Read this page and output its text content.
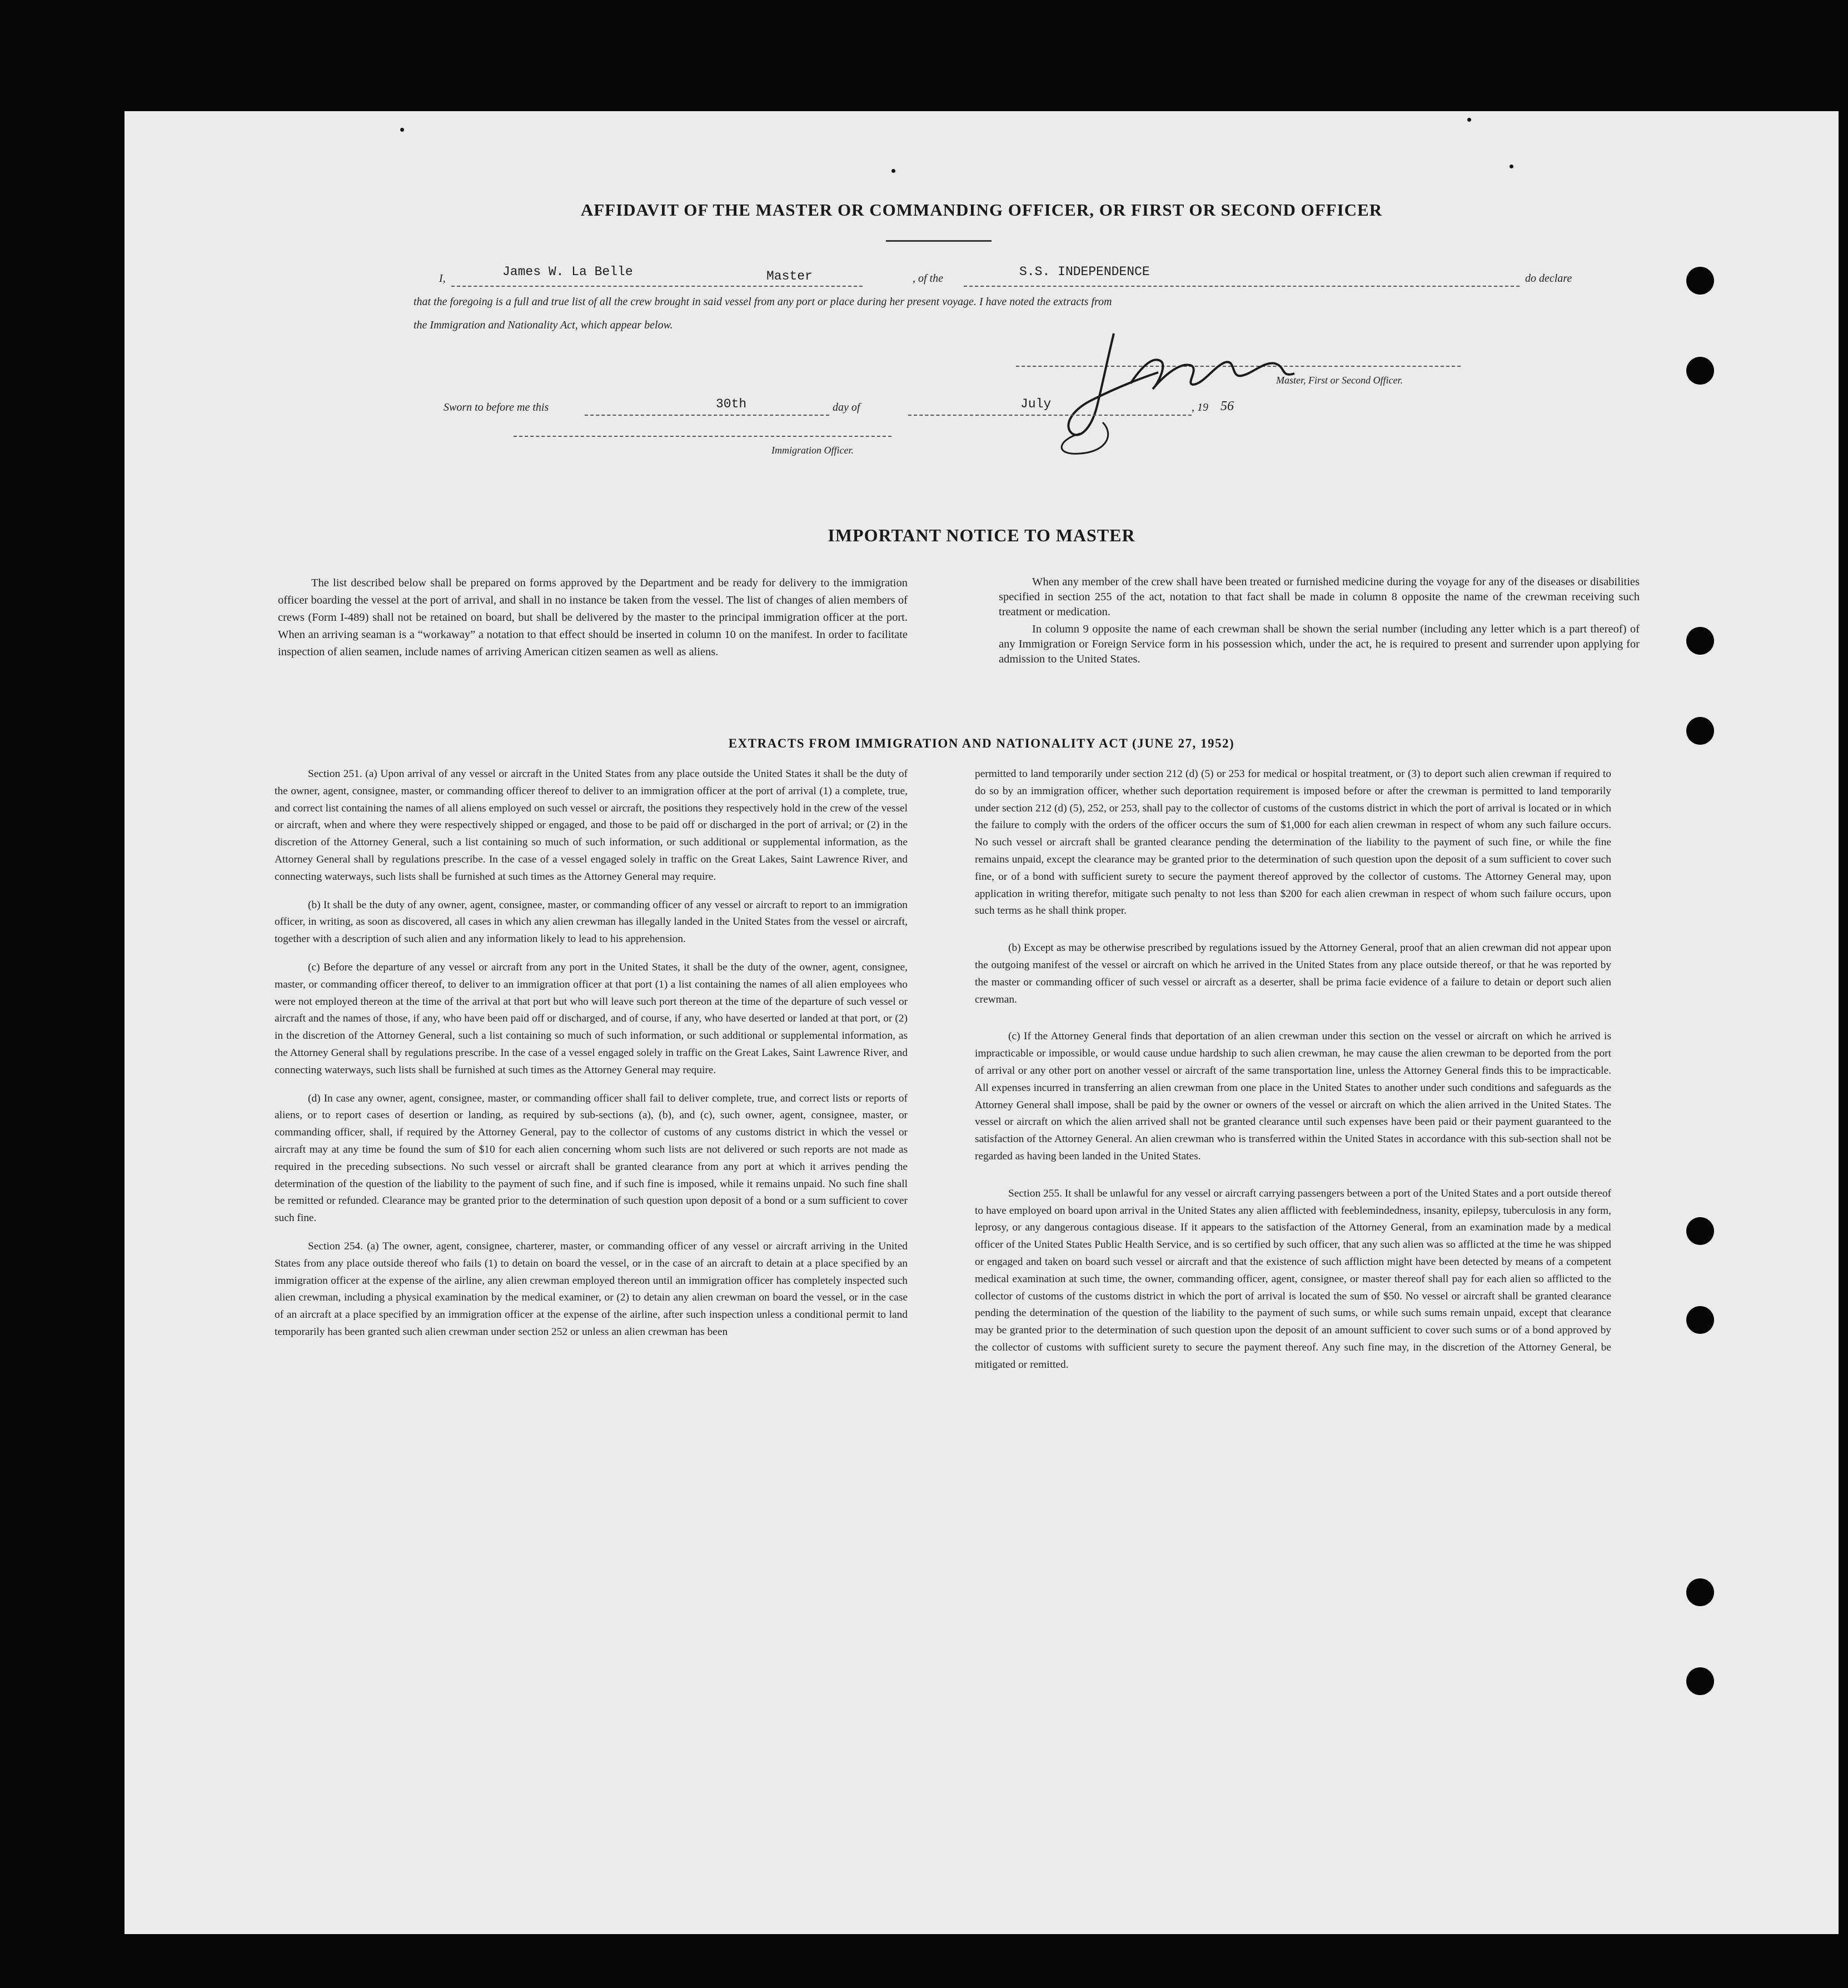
AFFIDAVIT OF THE MASTER OR COMMANDING OFFICER, OR FIRST OR SECOND OFFICER
I,	James W. La Belle	Master	, of the	S.S. INDEPENDENCE	do declare
that the foregoing is a full and true list of all the crew brought in said vessel from any port or place during her present voyage. I have noted the extracts from
the Immigration and Nationality Act, which appear below.
Master, First or Second Officer.
Sworn to before me this	30th	day of	July	, 19 56
Immigration Officer.
IMPORTANT NOTICE TO MASTER

The list described below shall be prepared on forms approved by the Department and be ready for delivery to the immigration officer boarding the vessel at the port of arrival, and shall in no instance be taken from the vessel. The list of changes of alien members of crews (Form I-489) shall not be retained on board, but shall be delivered by the master to the principal immigration officer at the port. When an arriving seaman is a “workaway” a notation to that effect should be inserted in column 10 on the manifest. In order to facilitate inspection of alien seamen, include names of arriving American citizen seamen as well as aliens.

When any member of the crew shall have been treated or furnished medicine during the voyage for any of the diseases or disabilities specified in section 255 of the act, notation to that fact shall be made in column 8 opposite the name of the crewman receiving such treatment or medication.

In column 9 opposite the name of each crewman shall be shown the serial number (including any letter which is a part thereof) of any Immigration or Foreign Service form in his possession which, under the act, he is required to present and surrender upon applying for admission to the United States.

EXTRACTS FROM IMMIGRATION AND NATIONALITY ACT (JUNE 27, 1952)

Section 251. (a) Upon arrival of any vessel or aircraft in the United States from any place outside the United States it shall be the duty of the owner, agent, consignee, master, or commanding officer thereof to deliver to an immigration officer at the port of arrival (1) a complete, true, and correct list containing the names of all aliens employed on such vessel or aircraft, the positions they respectively hold in the crew of the vessel or aircraft, when and where they were respectively shipped or engaged, and those to be paid off or discharged in the port of arrival; or (2) in the discretion of the Attorney General, such a list containing so much of such information, or such additional or supplemental information, as the Attorney General shall by regulations prescribe. In the case of a vessel engaged solely in traffic on the Great Lakes, Saint Lawrence River, and connecting waterways, such lists shall be furnished at such times as the Attorney General may require.

(b) It shall be the duty of any owner, agent, consignee, master, or commanding officer of any vessel or aircraft to report to an immigration officer, in writing, as soon as discovered, all cases in which any alien crewman has illegally landed in the United States from the vessel or aircraft, together with a description of such alien and any information likely to lead to his apprehension.

(c) Before the departure of any vessel or aircraft from any port in the United States, it shall be the duty of the owner, agent, consignee, master, or commanding officer thereof, to deliver to an immigration officer at that port (1) a list containing the names of all alien employees who were not employed thereon at the time of the arrival at that port but who will leave such port thereon at the time of the departure of such vessel or aircraft and the names of those, if any, who have been paid off or discharged, and of course, if any, who have deserted or landed at that port, or (2) in the discretion of the Attorney General, such a list containing so much of such information, or such additional or supplemental information, as the Attorney General shall by regulations prescribe. In the case of a vessel engaged solely in traffic on the Great Lakes, Saint Lawrence River, and connecting waterways, such lists shall be furnished at such times as the Attorney General may require.

(d) In case any owner, agent, consignee, master, or commanding officer shall fail to deliver complete, true, and correct lists or reports of aliens, or to report cases of desertion or landing, as required by sub-sections (a), (b), and (c), such owner, agent, consignee, master, or commanding officer, shall, if required by the Attorney General, pay to the collector of customs of any customs district in which the vessel or aircraft may at any time be found the sum of $10 for each alien concerning whom such lists are not delivered or such reports are not made as required in the preceding subsections. No such vessel or aircraft shall be granted clearance from any port at which it arrives pending the determination of the question of the liability to the payment of such fine, and if such fine is imposed, while it remains unpaid. No such fine shall be remitted or refunded. Clearance may be granted prior to the determination of such question upon deposit of a bond or a sum sufficient to cover such fine.

Section 254. (a) The owner, agent, consignee, charterer, master, or commanding officer of any vessel or aircraft arriving in the United States from any place outside thereof who fails (1) to detain on board the vessel, or in the case of an aircraft to detain at a place specified by an immigration officer at the expense of the airline, any alien crewman employed thereon until an immigration officer has completely inspected such alien crewman, including a physical examination by the medical examiner, or (2) to detain any alien crewman on board the vessel, or in the case of an aircraft at a place specified by an immigration officer at the expense of the airline, after such inspection unless a conditional permit to land temporarily has been granted such alien crewman under section 252 or unless an alien crewman has been

permitted to land temporarily under section 212 (d) (5) or 253 for medical or hospital treatment, or (3) to deport such alien crewman if required to do so by an immigration officer, whether such deportation requirement is imposed before or after the crewman is permitted to land temporarily under section 212 (d) (5), 252, or 253, shall pay to the collector of customs of the customs district in which the port of arrival is located or in which the failure to comply with the orders of the officer occurs the sum of $1,000 for each alien crewman in respect of whom any such failure occurs. No such vessel or aircraft shall be granted clearance pending the determination of the liability to the payment of such fine, or while the fine remains unpaid, except the clearance may be granted prior to the determination of such question upon the deposit of a sum sufficient to cover such fine, or of a bond with sufficient surety to secure the payment thereof approved by the collector of customs. The Attorney General may, upon application in writing therefor, mitigate such penalty to not less than $200 for each alien crewman in respect of whom such failure occurs, upon such terms as he shall think proper.

(b) Except as may be otherwise prescribed by regulations issued by the Attorney General, proof that an alien crewman did not appear upon the outgoing manifest of the vessel or aircraft on which he arrived in the United States from any place outside thereof, or that he was reported by the master or commanding officer of such vessel or aircraft as a deserter, shall be prima facie evidence of a failure to detain or deport such alien crewman.

(c) If the Attorney General finds that deportation of an alien crewman under this section on the vessel or aircraft on which he arrived is impracticable or impossible, or would cause undue hardship to such alien crewman, he may cause the alien crewman to be deported from the port of arrival or any other port on another vessel or aircraft of the same transportation line, unless the Attorney General finds this to be impracticable. All expenses incurred in transferring an alien crewman from one place in the United States to another under such conditions and safeguards as the Attorney General shall impose, shall be paid by the owner or owners of the vessel or aircraft on which the alien arrived in the United States. The vessel or aircraft on which the alien arrived shall not be granted clearance until such expenses have been paid or their payment guaranteed to the satisfaction of the Attorney General. An alien crewman who is transferred within the United States in accordance with this sub-section shall not be regarded as having been landed in the United States.

Section 255. It shall be unlawful for any vessel or aircraft carrying passengers between a port of the United States and a port outside thereof to have employed on board upon arrival in the United States any alien afflicted with feeblemindedness, insanity, epilepsy, tuberculosis in any form, leprosy, or any dangerous contagious disease. If it appears to the satisfaction of the Attorney General, from an examination made by a medical officer of the United States Public Health Service, and is so certified by such officer, that any such alien was so afflicted at the time he was shipped or engaged and taken on board such vessel or aircraft and that the existence of such affliction might have been detected by means of a competent medical examination at such time, the owner, commanding officer, agent, consignee, or master thereof shall pay for each alien so afflicted to the collector of customs of the customs district in which the port of arrival is located the sum of $50. No vessel or aircraft shall be granted clearance pending the determination of the question of the liability to the payment of such sums, or while such sums remain unpaid, except that clearance may be granted prior to the determination of such question upon the deposit of an amount sufficient to cover such sums or of a bond approved by the collector of customs with sufficient surety to secure the payment thereof. Any such fine may, in the discretion of the Attorney General, be mitigated or remitted.
